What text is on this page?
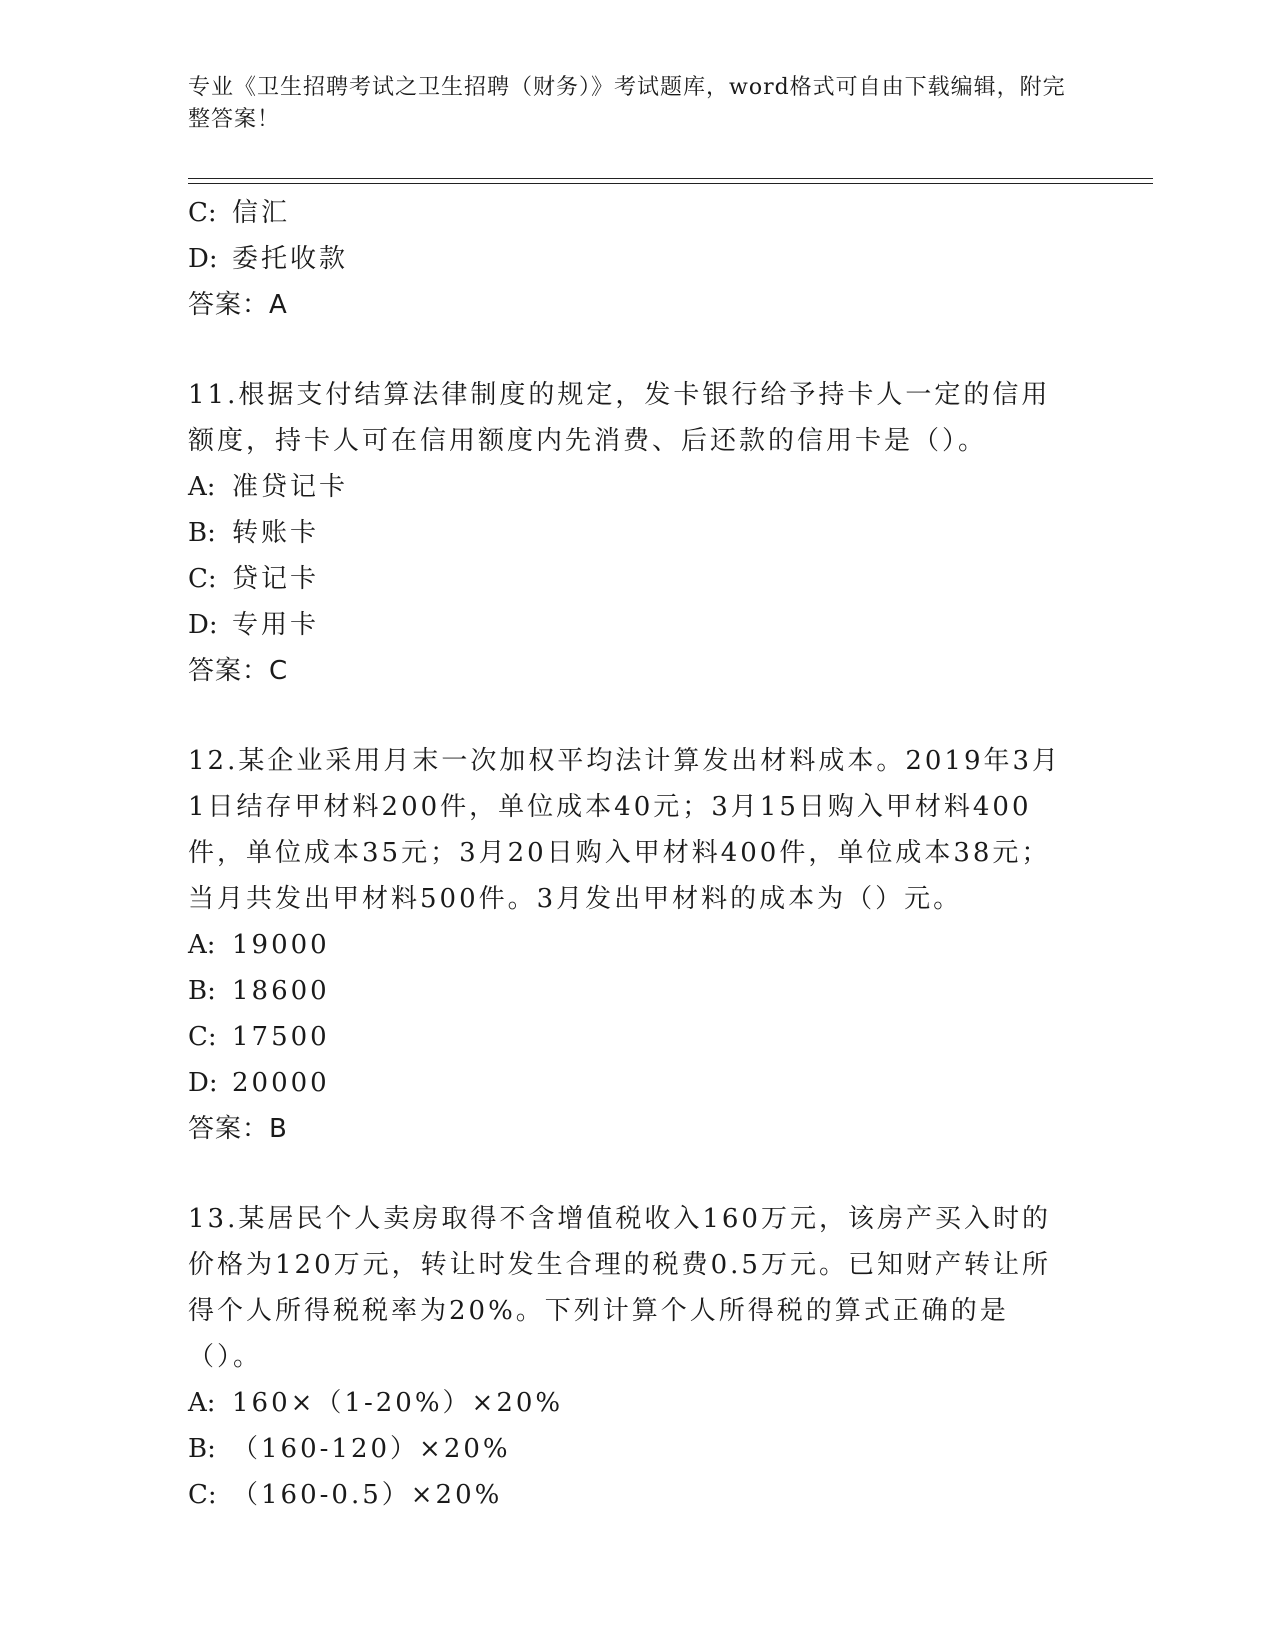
专业《卫生招聘考试之卫生招聘（财务）》考试题库，word格式可自由下载编辑，附完整答案！
C: 信汇
D: 委托收款
答案：A
11.根据支付结算法律制度的规定，发卡银行给予持卡人一定的信用额度，持卡人可在信用额度内先消费、后还款的信用卡是（）。
A: 准贷记卡
B: 转账卡
C: 贷记卡
D: 专用卡
答案：C
12.某企业采用月末一次加权平均法计算发出材料成本。2019年3月1日结存甲材料200件，单位成本40元；3月15日购入甲材料400件，单位成本35元；3月20日购入甲材料400件，单位成本38元；当月共发出甲材料500件。3月发出甲材料的成本为（）元。
A: 19000
B: 18600
C: 17500
D: 20000
答案：B
13.某居民个人卖房取得不含增值税收入160万元，该房产买入时的价格为120万元，转让时发生合理的税费0.5万元。已知财产转让所得个人所得税税率为20%。下列计算个人所得税的算式正确的是（）。
A: 160×（1-20%）×20%
B: （160-120）×20%
C: （160-0.5）×20%
